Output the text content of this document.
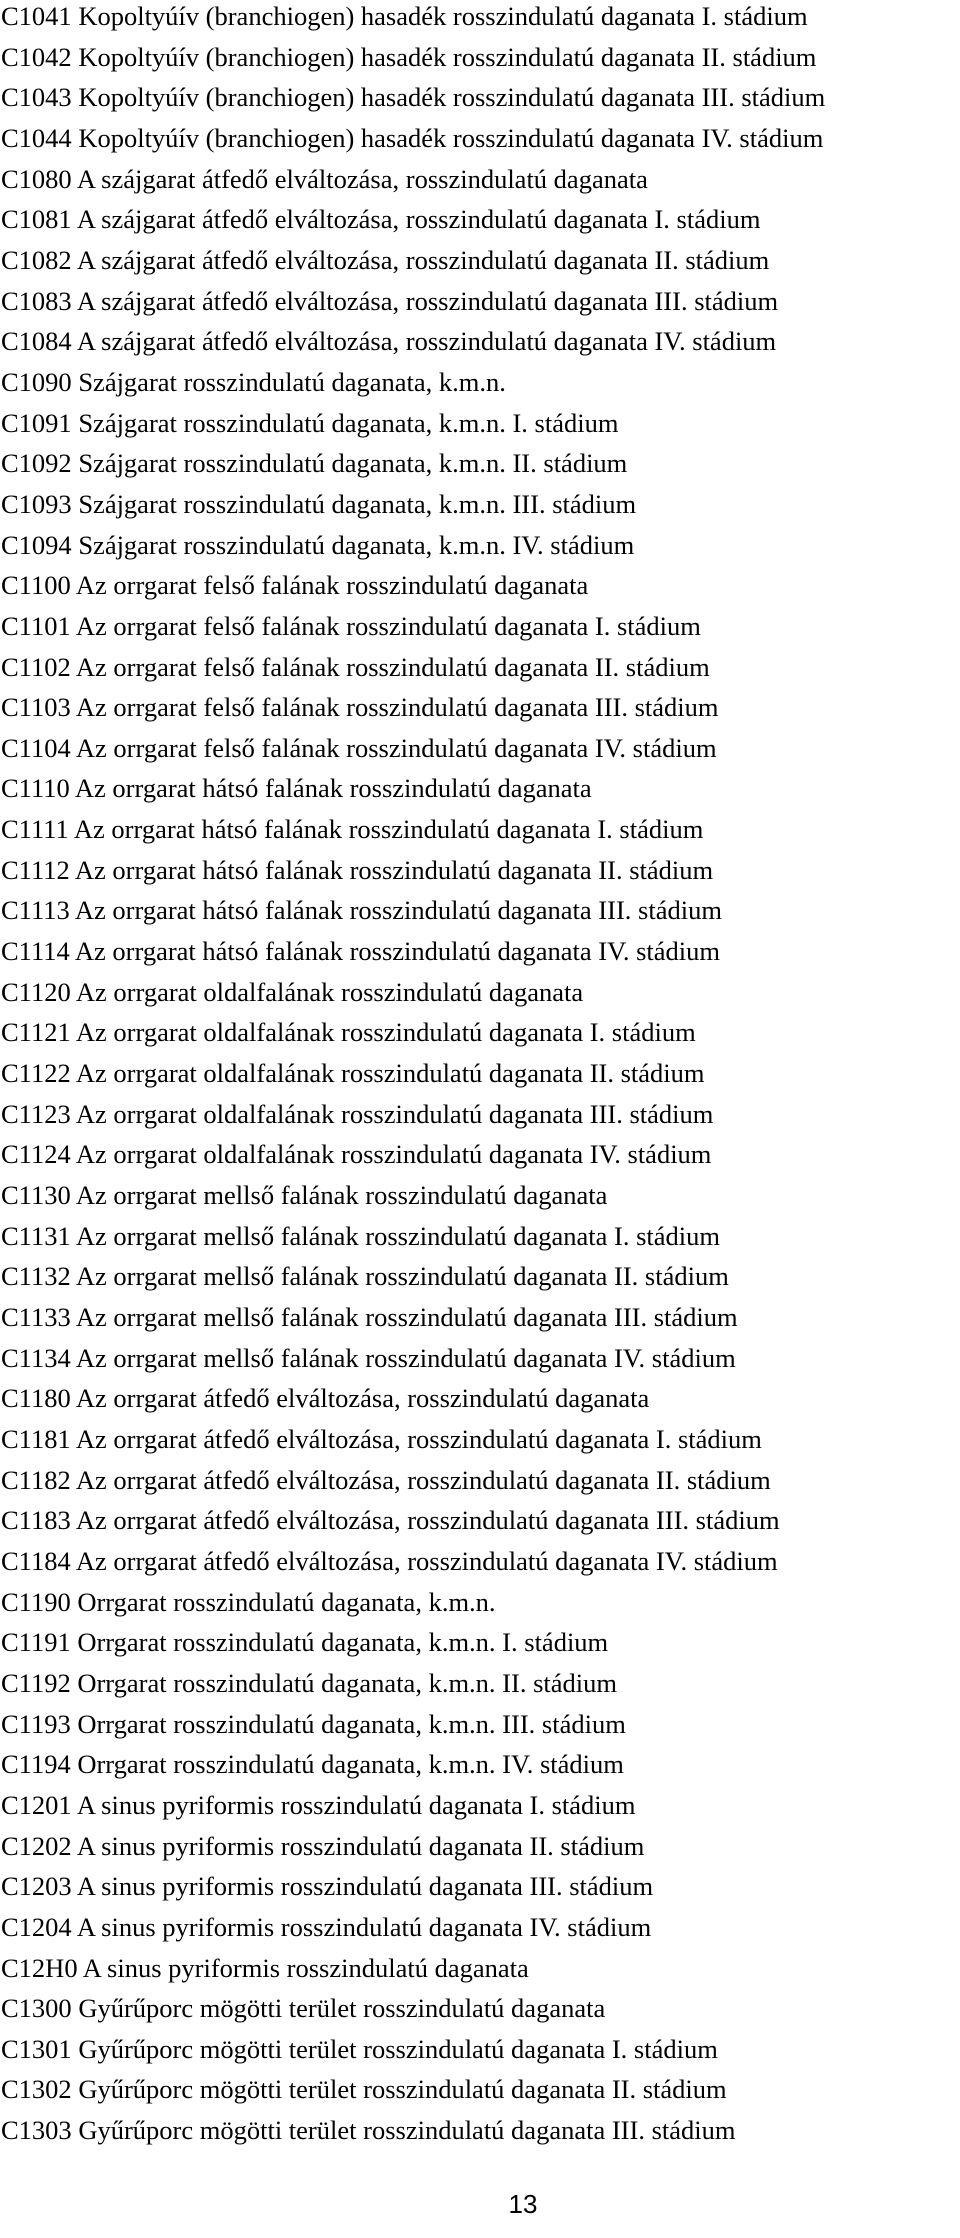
C1041 Kopoltyúív (branchiogen) hasadék rosszindulatú daganata I. stádium
C1042 Kopoltyúív (branchiogen) hasadék rosszindulatú daganata II. stádium
C1043 Kopoltyúív (branchiogen) hasadék rosszindulatú daganata III. stádium
C1044 Kopoltyúív (branchiogen) hasadék rosszindulatú daganata IV. stádium
C1080 A szájgarat átfedő elváltozása, rosszindulatú daganata
C1081 A szájgarat átfedő elváltozása, rosszindulatú daganata I. stádium
C1082 A szájgarat átfedő elváltozása, rosszindulatú daganata II. stádium
C1083 A szájgarat átfedő elváltozása, rosszindulatú daganata III. stádium
C1084 A szájgarat átfedő elváltozása, rosszindulatú daganata IV. stádium
C1090 Szájgarat rosszindulatú daganata, k.m.n.
C1091 Szájgarat rosszindulatú daganata, k.m.n. I. stádium
C1092 Szájgarat rosszindulatú daganata, k.m.n. II. stádium
C1093 Szájgarat rosszindulatú daganata, k.m.n. III. stádium
C1094 Szájgarat rosszindulatú daganata, k.m.n. IV. stádium
C1100 Az orrgarat felső falának rosszindulatú daganata
C1101 Az orrgarat felső falának rosszindulatú daganata I. stádium
C1102 Az orrgarat felső falának rosszindulatú daganata II. stádium
C1103 Az orrgarat felső falának rosszindulatú daganata III. stádium
C1104 Az orrgarat felső falának rosszindulatú daganata IV. stádium
C1110 Az orrgarat hátsó falának rosszindulatú daganata
C1111 Az orrgarat hátsó falának rosszindulatú daganata I. stádium
C1112 Az orrgarat hátsó falának rosszindulatú daganata II. stádium
C1113 Az orrgarat hátsó falának rosszindulatú daganata III. stádium
C1114 Az orrgarat hátsó falának rosszindulatú daganata IV. stádium
C1120 Az orrgarat oldalfalának rosszindulatú daganata
C1121 Az orrgarat oldalfalának rosszindulatú daganata I. stádium
C1122 Az orrgarat oldalfalának rosszindulatú daganata II. stádium
C1123 Az orrgarat oldalfalának rosszindulatú daganata III. stádium
C1124 Az orrgarat oldalfalának rosszindulatú daganata IV. stádium
C1130 Az orrgarat mellső falának rosszindulatú daganata
C1131 Az orrgarat mellső falának rosszindulatú daganata I. stádium
C1132 Az orrgarat mellső falának rosszindulatú daganata II. stádium
C1133 Az orrgarat mellső falának rosszindulatú daganata III. stádium
C1134 Az orrgarat mellső falának rosszindulatú daganata IV. stádium
C1180 Az orrgarat átfedő elváltozása, rosszindulatú daganata
C1181 Az orrgarat átfedő elváltozása, rosszindulatú daganata I. stádium
C1182 Az orrgarat átfedő elváltozása, rosszindulatú daganata II. stádium
C1183 Az orrgarat átfedő elváltozása, rosszindulatú daganata III. stádium
C1184 Az orrgarat átfedő elváltozása, rosszindulatú daganata IV. stádium
C1190 Orrgarat rosszindulatú daganata, k.m.n.
C1191 Orrgarat rosszindulatú daganata, k.m.n. I. stádium
C1192 Orrgarat rosszindulatú daganata, k.m.n. II. stádium
C1193 Orrgarat rosszindulatú daganata, k.m.n. III. stádium
C1194 Orrgarat rosszindulatú daganata, k.m.n. IV. stádium
C1201 A sinus pyriformis rosszindulatú daganata I. stádium
C1202 A sinus pyriformis rosszindulatú daganata II. stádium
C1203 A sinus pyriformis rosszindulatú daganata III. stádium
C1204 A sinus pyriformis rosszindulatú daganata IV. stádium
C12H0 A sinus pyriformis rosszindulatú daganata
C1300 Gyűrűporc mögötti terület rosszindulatú daganata
C1301 Gyűrűporc mögötti terület rosszindulatú daganata I. stádium
C1302 Gyűrűporc mögötti terület rosszindulatú daganata II. stádium
C1303 Gyűrűporc mögötti terület rosszindulatú daganata III. stádium
13
